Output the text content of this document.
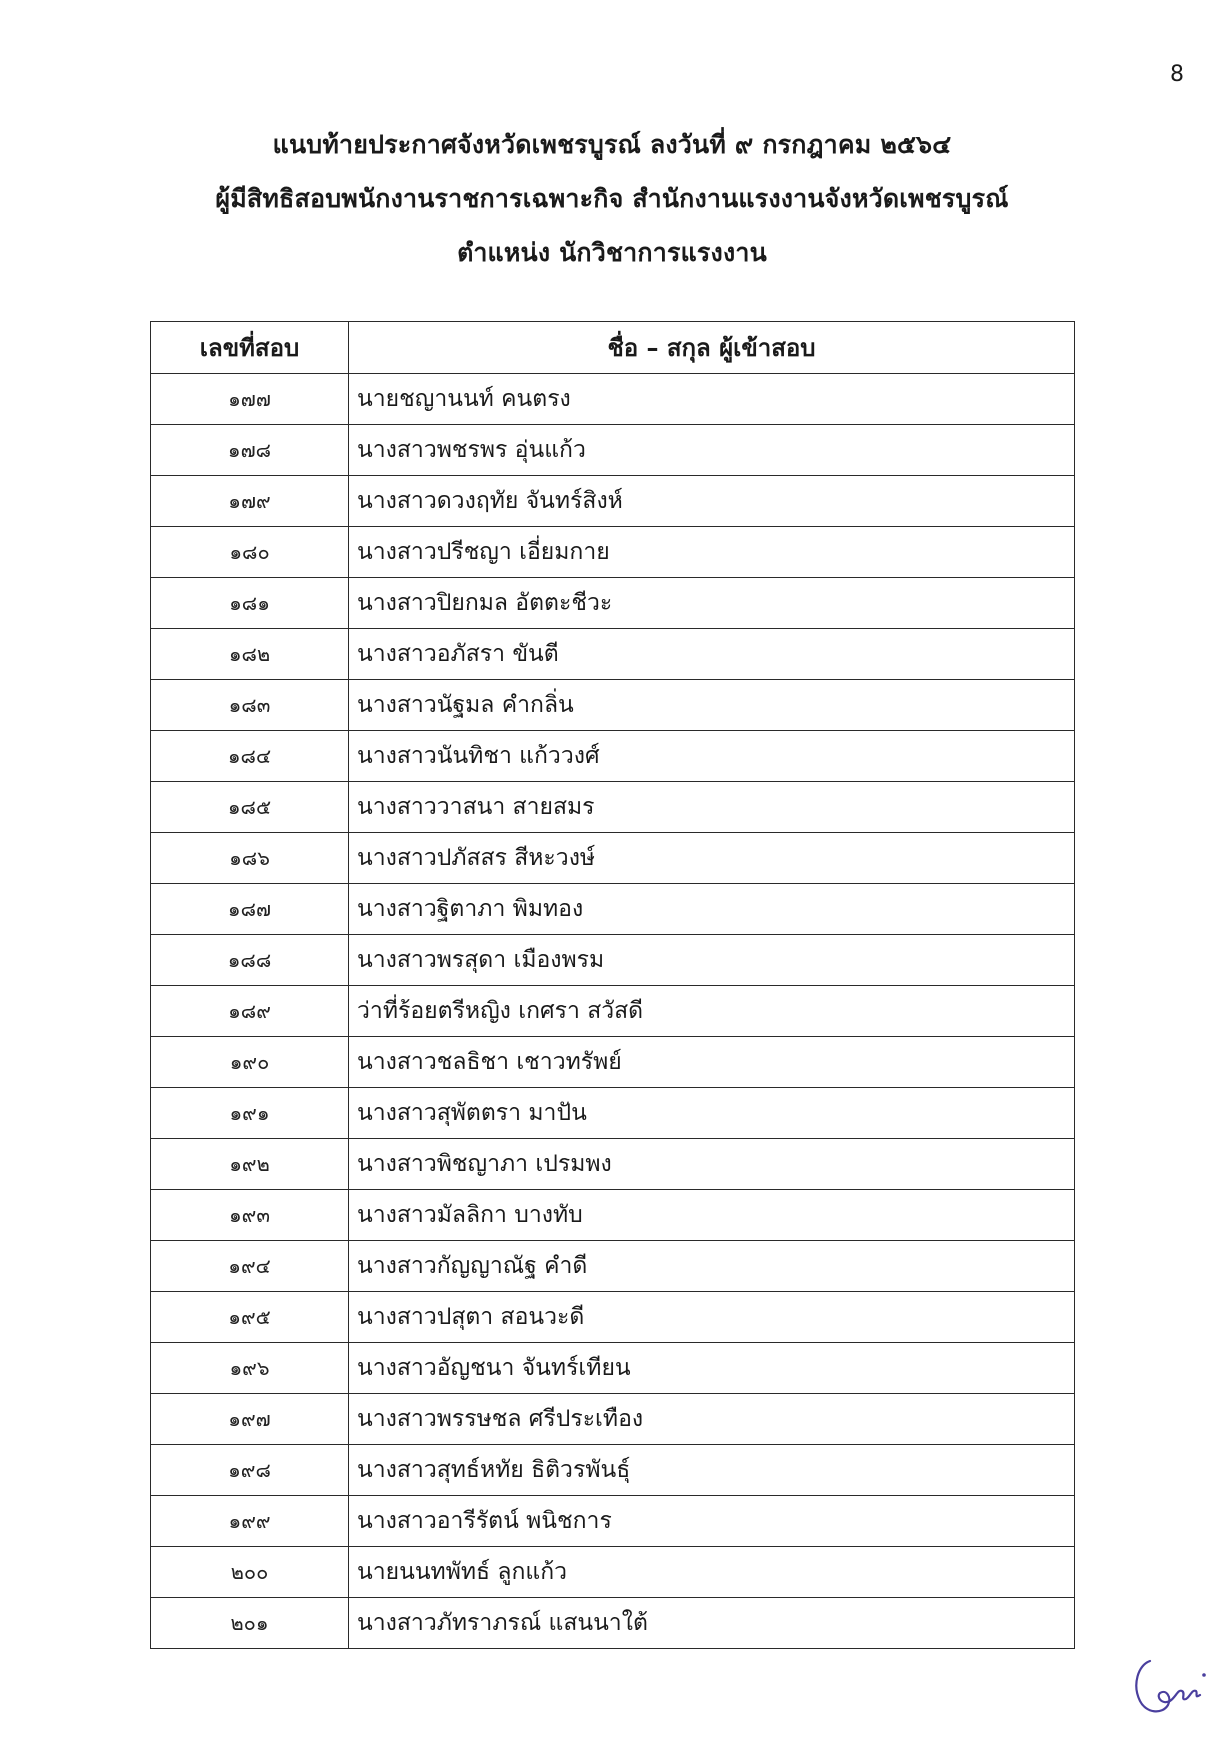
8
แนบท้ายประกาศจังหวัดเพชรบูรณ์ ลงวันที่ ๙ กรกฎาคม ๒๕๖๔
ผู้มีสิทธิสอบพนักงานราชการเฉพาะกิจ สำนักงานแรงงานจังหวัดเพชรบูรณ์
ตำแหน่ง นักวิชาการแรงงาน
เลขที่สอบ	ชื่อ – สกุล ผู้เข้าสอบ
๑๗๗	นายชญานนท์ คนตรง
๑๗๘	นางสาวพชรพร อุ่นแก้ว
๑๗๙	นางสาวดวงฤทัย จันทร์สิงห์
๑๘๐	นางสาวปรีชญา เอี่ยมกาย
๑๘๑	นางสาวปิยกมล อัตตะชีวะ
๑๘๒	นางสาวอภัสรา ขันตี
๑๘๓	นางสาวนัฐมล คำกลิ่น
๑๘๔	นางสาวนันทิชา แก้ววงศ์
๑๘๕	นางสาววาสนา สายสมร
๑๘๖	นางสาวปภัสสร สีหะวงษ์
๑๘๗	นางสาวฐิตาภา พิมทอง
๑๘๘	นางสาวพรสุดา เมืองพรม
๑๘๙	ว่าที่ร้อยตรีหญิง เกศรา สวัสดี
๑๙๐	นางสาวชลธิชา เชาวทรัพย์
๑๙๑	นางสาวสุพัตตรา มาปัน
๑๙๒	นางสาวพิชญาภา เปรมพง
๑๙๓	นางสาวมัลลิกา บางทับ
๑๙๔	นางสาวกัญญาณัฐ คำดี
๑๙๕	นางสาวปสุตา สอนวะดี
๑๙๖	นางสาวอัญชนา จันทร์เทียน
๑๙๗	นางสาวพรรษชล ศรีประเทือง
๑๙๘	นางสาวสุทธ์หทัย ธิติวรพันธุ์
๑๙๙	นางสาวอารีรัตน์ พนิชการ
๒๐๐	นายนนทพัทธ์ ลูกแก้ว
๒๐๑	นางสาวภัทราภรณ์ แสนนาใต้
